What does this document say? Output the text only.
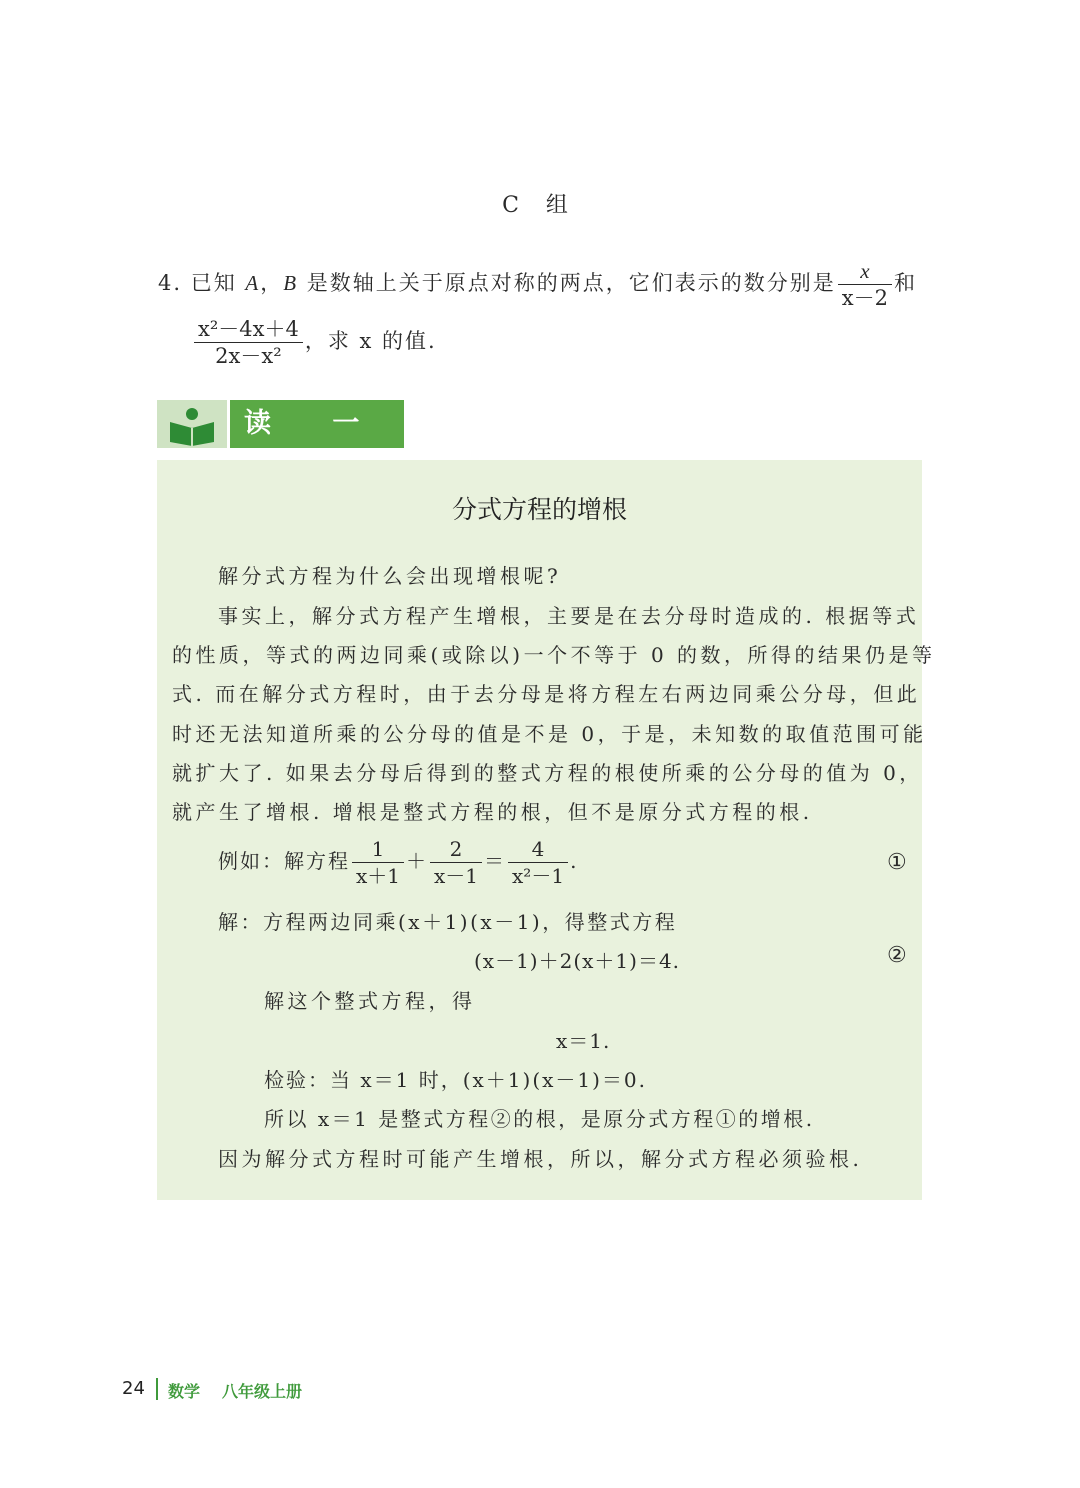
C 组
4. 已知 A，B 是数轴上关于原点对称的两点，它们表示的数分别是 $\frac{x}{x-2}$ 和
$\frac{\text{x²－4x＋4}}{\text{2x－x²}}$ ，求 x 的值.
读 一 读
分式方程的增根
解分式方程为什么会出现增根呢?
事实上，解分式方程产生增根，主要是在去分母时造成的. 根据等式
的性质，等式的两边同乘(或除以)一个不等于 0 的数，所得的结果仍是等
式. 而在解分式方程时，由于去分母是将方程左右两边同乘公分母，但此
时还无法知道所乘的公分母的值是不是 0，于是，未知数的取值范围可能
就扩大了. 如果去分母后得到的整式方程的根使所乘的公分母的值为 0，
就产生了增根. 增根是整式方程的根，但不是原分式方程的根.
例如：解方程 $\frac{1}{x+1} + \frac{2}{x-1} = \frac{4}{\text{x²－1}}$ .	①
解：方程两边同乘(x＋1)(x－1)，得整式方程
(x－1)＋2(x＋1)＝4.	②
解这个整式方程，得
x＝1.
检验：当 x＝1 时，(x＋1)(x－1)＝0.
所以 x＝1 是整式方程②的根，是原分式方程①的增根.
因为解分式方程时可能产生增根，所以，解分式方程必须验根.
24 数学 八年级上册
